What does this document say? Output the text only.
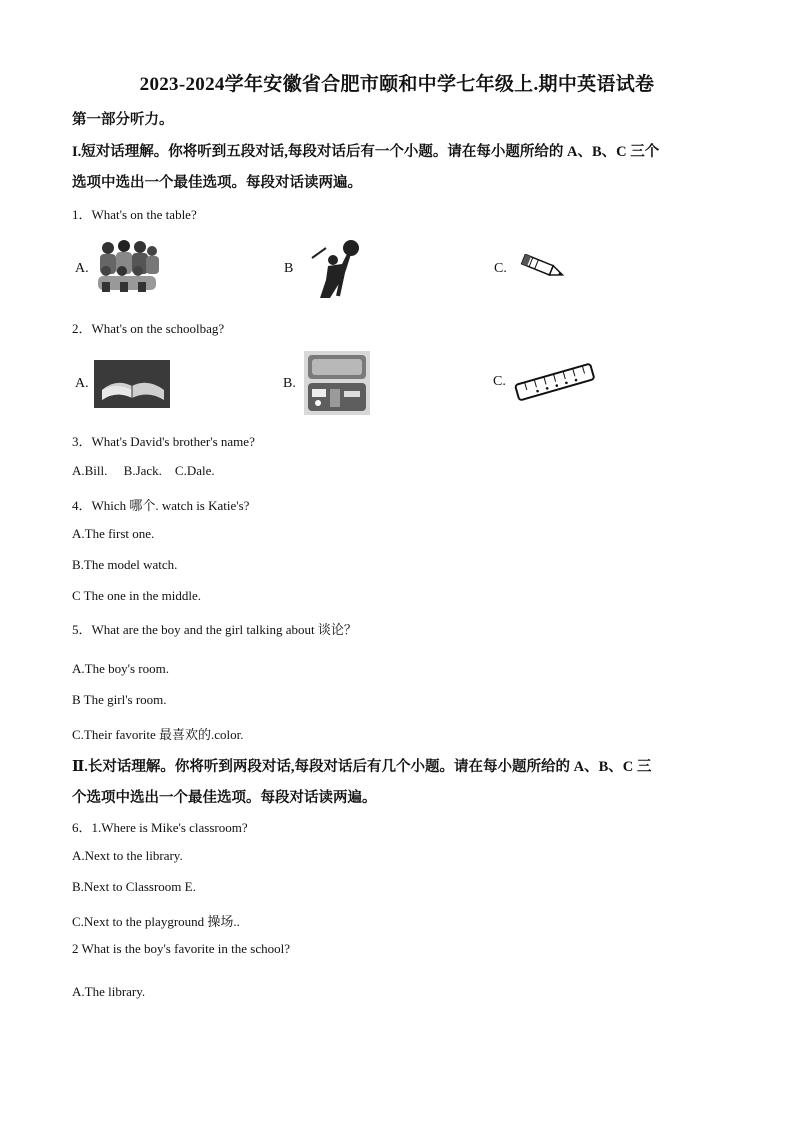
2023-2024学年安徽省合肥市颐和中学七年级上.期中英语试卷
第一部分听力。
I.短对话理解。你将听到五段对话,每段对话后有一个小题。请在每小题所给的 A、B、C 三个
选项中选出一个最佳选项。每段对话读两遍。
1．What's on the table?
A.	B	C.
2．What's on the schoolbag?
A.	B.	C.
3．What's David's brother's name?
A.Bill.     B.Jack.    C.Dale.
4．Which 哪个. watch is Katie's?
A.The first one.
B.The model watch.
C The one in the middle.
5．What are the boy and the girl talking about 谈论？
A.The boy's room.
B The girl's room.
C.Their favorite 最喜欢的.color.
Ⅱ.长对话理解。你将听到两段对话,每段对话后有几个小题。请在每小题所给的 A、B、C 三
个选项中选出一个最佳选项。每段对话读两遍。
6．1.Where is Mike's classroom?
A.Next to the library.
B.Next to Classroom E.
C.Next to the playground 操场..
2 What is the boy's favorite in the school?
A.The library.
